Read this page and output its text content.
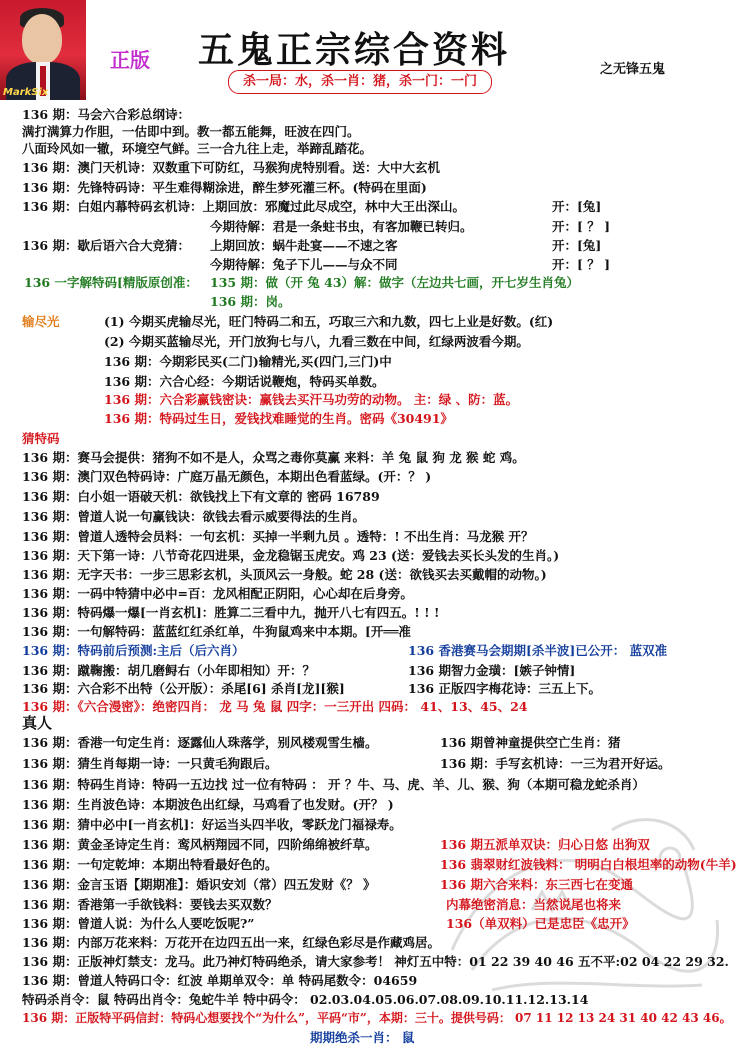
MarkSix
正版 五鬼正宗综合资料	之无锋五鬼
杀一局：水，杀一肖：猪，杀一门：一门
136 期：马会六合彩总纲诗：
满打满算力作胆，一估即中到。教一都五能舞，旺波在四门。
八面玲风如一辙，环境空气鲜。三一合九往上走，举蹄乱踏花。
136 期：澳门天机诗：双数重下可防红，马猴狗虎特别看。送：大中大玄机
136 期：先锋特码诗：平生难得糊涂进，醉生梦死灌三杯。(特码在里面)
136 期：白姐内幕特码玄机诗：上期回放：邪魔过此尽成空，林中大王出深山。	开：[兔]
今期待解：君是一条蛀书虫，有客加鞭已转归。	开：[ ？ ]
136 期：歇后语六合大竞猜： 上期回放：蜗牛赴宴——不速之客	开：[兔]
今期待解：兔子下儿——与众不同	开：[ ？ ]
136 一字解特码[精版原创准： 135 期：做（开 兔 43）解：做字（左边共七画，开七岁生肖兔）
136 期：岗。
输尽光	(1) 今期买虎输尽光，旺门特码二和五，巧取三六和九数，四七上业是好数。(红)
(2) 今期买蓝输尽光，开门放狗七与八，九看三数在中间，红绿两波看今期。
136 期：今期彩民买(二门)输精光,买(四门,三门)中
136 期：六合心经：今期话说鞭炮，特码买单数。
136 期：六合彩赢钱密诀：赢钱去买汗马功劳的动物。 主：绿 、防：蓝。
136 期：特码过生日，爱钱找难睡觉的生肖。密码《30491》
猜特码
136 期：赛马会提供：猪狗不如不是人，众骂之毒你莫赢 来料：羊 兔 鼠 狗 龙 猴 蛇 鸡。
136 期：澳门双色特码诗：广庭万晶无颜色，本期出色看蓝绿。(开：？ )
136 期：白小姐一语破天机：欲钱找上下有文章的 密码 16789
136 期：曾道人说一句赢钱诀：欲钱去看示威要得法的生肖。
136 期：曾道人透特会员料：一句玄机：买掉一半剩九员 。透特：! 不出生肖：马龙猴 开？
136 期：天下第一诗：八节奇花四进果，金龙稳锯玉虎安。鸡 23 (送：爱钱去买长头发的生肖。)
136 期：无字天书：一步三思彩玄机，头顶风云一身般。蛇 28 (送：欲钱买去买戴帽的动物。)
136 期：一码中特猜中必中=百：龙风相配正阴阳，心心却在后身旁。
136 期：特码爆一爆[一肖玄机]：胜算二三看中九，抛开八七有四五。! ! !
136 期：一句解特码：蓝蓝红红杀红单，牛狗鼠鸡来中本期。[开══准
136 期：特码前后预测:主后（后六肖）	136 香港赛马会期期[杀半波]已公开： 蓝双准
136 期：蹴鞠搬：胡几磨鲟右（小年即相知）开：？	136 期智力金璜：[嫉子钟情]
136 期：六合彩不出特（公开版）：杀尾[6] 杀肖[龙][猴]	136 正版四字梅花诗：三五上下。
136 期：《六合漫密》：绝密四肖： 龙 马 兔 鼠 四字：一三开出 四码： 41、13、45、24
真人
136 期：香港一句定生肖：逐露仙人珠落学，别风楼观雪生樯。	136 期曾神童提供空亡生肖：猪
136 期：猜生肖每期一诗：一只黄毛狗跟后。	136 期：手写玄机诗：一三为君开好运。
136 期：特码生肖诗：特码一五边找 过一位有特码 ： 开 ？牛、马、虎、羊、儿、猴、狗（本期可稳龙蛇杀肖）
136 期：生肖波色诗：本期波色出红绿，马鸡看了也发财。(开？ )
136 期：猜中必中[一肖玄机]：好运当头四半收，零跃龙门福禄寿。
136 期：黄金圣诗定生肖：鸾风柄翔园不同，四阶绵绵被纤草。	136 期五派单双诀：归心日悠 出狗双
136 期：一句定乾坤：本期出特看最好色的。	136 翡翠财红波钱料： 明明白白根坦率的动物(牛羊)
136 期：金言玉语【期期准】：婚识安刘（常）四五发财《？ 》	136 期六合来料：东三西七在变通
136 期：香港第一手欲钱料：要钱去买双数？	内幕绝密消息：当然说尾也将来
136 期：曾道人说：为什么人要吃饭呢?”	136（单双料）已是忠臣《忠开》
136 期：内部万花来料：万花开在边四五出一来，红绿色彩尽是作藏鸡居。
136 期：正版神灯禁支：龙马。此乃神灯特码绝杀，请大家参考！ 神灯五中特：01 22 39 40 46 五不平:02 04 22 29 32.
136 期：曾道人特码口令：红波 单期单双令：单 特码尾数令：04659
特码杀肖令：鼠 特码出肖令：兔蛇牛羊 特中码令： 02.03.04.05.06.07.08.09.10.11.12.13.14
136 期：正版特平码信封：特码心想要找个“为什么”，平码“市”，本期：三十。提供号码： 07 11 12 13 24 31 40 42 43 46。
期期绝杀一肖： 鼠
